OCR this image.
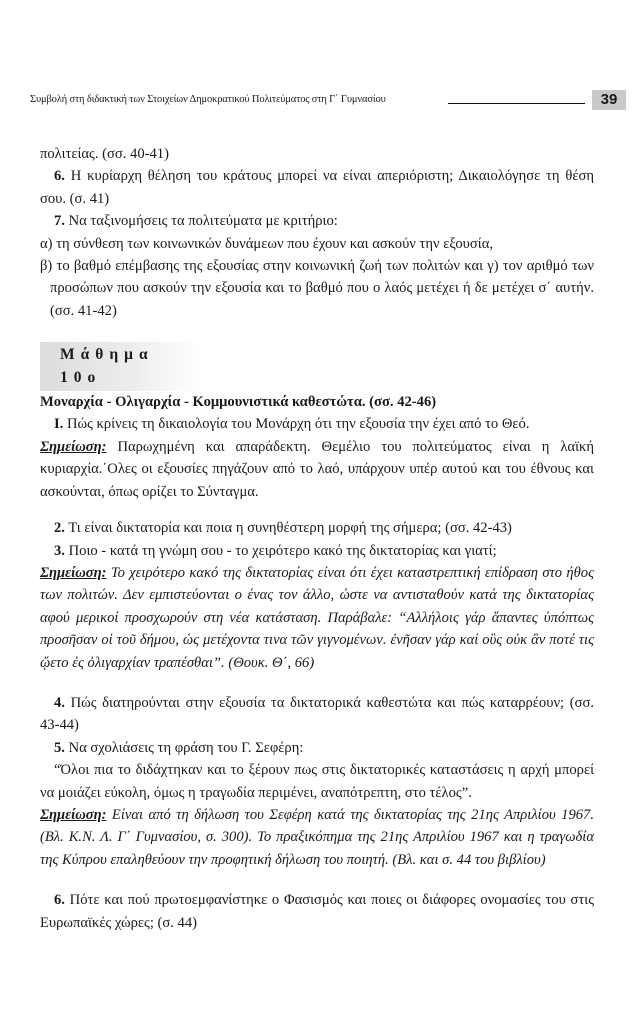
Συμβολή στη διδακτική των Στοιχείων Δημοκρατικού Πολιτεύματος στη Γ΄ Γυμνασίου	39

πολιτείας. (σσ. 40-41)

6. Η κυρίαρχη θέληση του κράτους μπορεί να είναι απεριόριστη; Δικαιολόγησε τη θέση σου. (σ. 41)

7. Να ταξινομήσεις τα πολιτεύματα με κριτήριο:

α) τη σύνθεση των κοινωνικών δυνάμεων που έχουν και ασκούν την εξουσία,

β) το βαθμό επέμβασης της εξουσίας στην κοινωνική ζωή των πολιτών και γ) τον αριθμό των προσώπων που ασκούν την εξουσία και το βαθμό που ο λαός μετέχει ή δε μετέχει σ΄ αυτήν. (σσ. 41-42)

Μάθημα 10ο

Μοναρχία - Ολιγαρχία - Κομμουνιστικά καθεστώτα. (σσ. 42-46)

Ι. Πώς κρίνεις τη δικαιολογία του Μονάρχη ότι την εξουσία την έχει από το Θεό.

Σημείωση: Παρωχημένη και απαράδεκτη. Θεμέλιο του πολιτεύματος είναι η λαϊκή κυριαρχία.΄Ολες οι εξουσίες πηγάζουν από το λαό, υπάρχουν υπέρ αυτού και του έθνους και ασκούνται, όπως ορίζει το Σύνταγμα.

2. Τι είναι δικτατορία και ποια η συνηθέστερη μορφή της σήμερα; (σσ. 42-43)

3. Ποιο - κατά τη γνώμη σου - το χειρότερο κακό της δικτατορίας και γιατί;

Σημείωση: Το χειρότερο κακό της δικτατορίας είναι ότι έχει καταστρεπτική επίδραση στο ήθος των πολιτών. Δεν εμπιστεύονται ο ένας τον άλλο, ώστε να αντισταθούν κατά της δικτατορίας αφού μερικοί προσχωρούν στη νέα κατάσταση. Παράβαλε: “Αλλήλοις γάρ ἅπαντες ὑπόπτως προσῆσαν οἱ τοῦ δήμου, ὡς μετέχοντα τινα τῶν γιγνομένων. ἐνῆσαν γάρ καί οὓς οὐκ ἂν ποτέ τις ᾤετο ἐς ὀλιγαρχίαν τραπέσθαι”. (Θουκ. Θ΄, 66)

4. Πώς διατηρούνται στην εξουσία τα δικτατορικά καθεστώτα και πώς καταρρέουν; (σσ. 43-44)

5. Να σχολιάσεις τη φράση του Γ. Σεφέρη:

“Όλοι πια το διδάχτηκαν και το ξέρουν πως στις δικτατορικές καταστάσεις η αρχή μπορεί να μοιάζει εύκολη, όμως η τραγωδία περιμένει, αναπότρεπτη, στο τέλος”.

Σημείωση: Είναι από τη δήλωση του Σεφέρη κατά της δικτατορίας της 21ης Απριλίου 1967. (Βλ. Κ.Ν. Λ. Γ΄ Γυμνασίου, σ. 300). Το πραξικόπημα της 21ης Απριλίου 1967 και η τραγωδία της Κύπρου επαληθεύουν την προφητική δήλωση του ποιητή. (Βλ. και σ. 44 του βιβλίου)

6. Πότε και πού πρωτοεμφανίστηκε ο Φασισμός και ποιες οι διάφορες ονομασίες του στις Ευρωπαϊκές χώρες; (σ. 44)
